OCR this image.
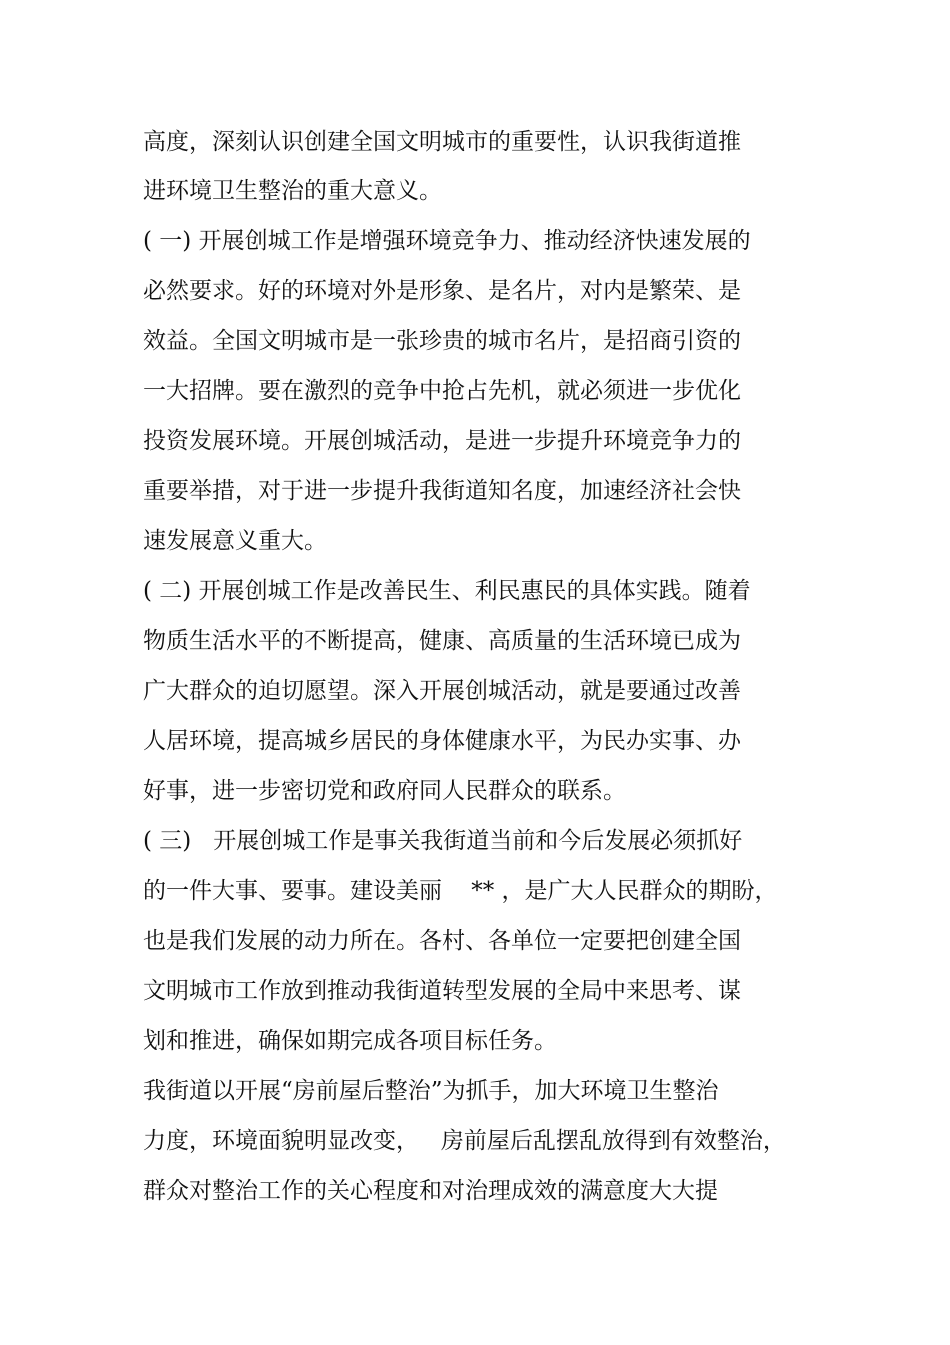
高度，深刻认识创建全国文明城市的重要性，认识我街道推
进环境卫生整治的重大意义。
( 一) 开展创城工作是增强环境竞争力、推动经济快速发展的
必然要求。好的环境对外是形象、是名片，对内是繁荣、是
效益。全国文明城市是一张珍贵的城市名片，是招商引资的
一大招牌。要在激烈的竞争中抢占先机，就必须进一步优化
投资发展环境。开展创城活动，是进一步提升环境竞争力的
重要举措，对于进一步提升我街道知名度，加速经济社会快
速发展意义重大。
( 二) 开展创城工作是改善民生、利民惠民的具体实践。随着
物质生活水平的不断提高，健康、高质量的生活环境已成为
广大群众的迫切愿望。深入开展创城活动，就是要通过改善
人居环境，提高城乡居民的身体健康水平，为民办实事、办
好事，进一步密切党和政府同人民群众的联系。
( 三)   开展创城工作是事关我街道当前和今后发展必须抓好
的一件大事、要事。建设美丽    ** ，是广大人民群众的期盼，
也是我们发展的动力所在。各村、各单位一定要把创建全国
文明城市工作放到推动我街道转型发展的全局中来思考、谋
划和推进，确保如期完成各项目标任务。
我街道以开展“房前屋后整治”为抓手，加大环境卫生整治
力度，环境面貌明显改变，   房前屋后乱摆乱放得到有效整治，
群众对整治工作的关心程度和对治理成效的满意度大大提
